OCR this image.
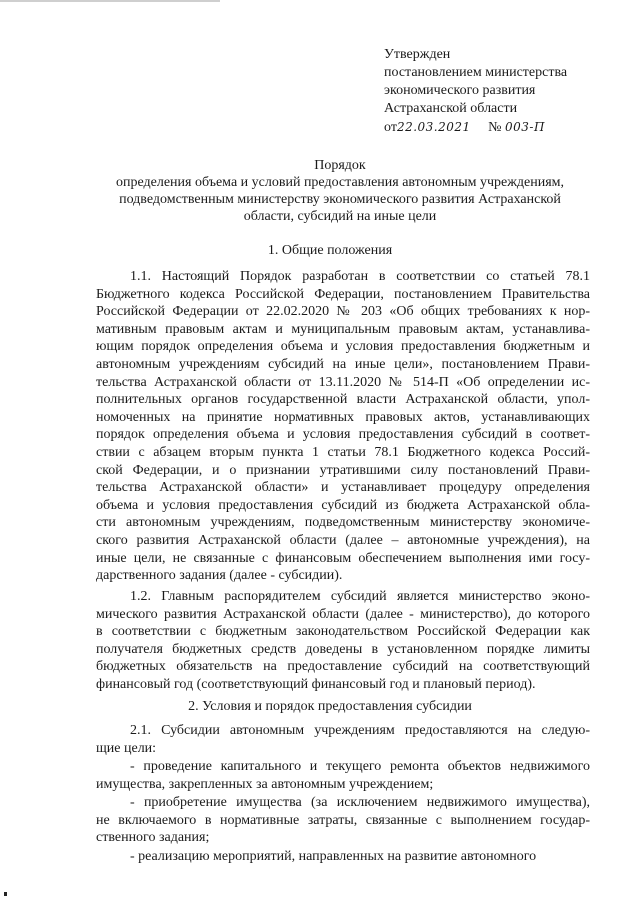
Утвержден
постановлением министерства
экономического развития
Астраханской области
от22.03.2021 № 003-П
Порядок
определения объема и условий предоставления автономным учреждениям,
подведомственным министерству экономического развития Астраханской
области, субсидий на иные цели
1. Общие положения
1.1. Настоящий Порядок разработан в соответствии со статьей 78.1
Бюджетного кодекса Российской Федерации, постановлением Правительства
Российской Федерации от 22.02.2020 № 203 «Об общих требованиях к нор-
мативным правовым актам и муниципальным правовым актам, устанавлива-
ющим порядок определения объема и условия предоставления бюджетным и
автономным учреждениям субсидий на иные цели», постановлением Прави-
тельства Астраханской области от 13.11.2020 № 514-П «Об определении ис-
полнительных органов государственной власти Астраханской области, упол-
номоченных на принятие нормативных правовых актов, устанавливающих
порядок определения объема и условия предоставления субсидий в соответ-
ствии с абзацем вторым пункта 1 статьи 78.1 Бюджетного кодекса Россий-
ской Федерации, и о признании утратившими силу постановлений Прави-
тельства Астраханской области» и устанавливает процедуру определения
объема и условия предоставления субсидий из бюджета Астраханской обла-
сти автономным учреждениям, подведомственным министерству экономиче-
ского развития Астраханской области (далее – автономные учреждения), на
иные цели, не связанные с финансовым обеспечением выполнения ими госу-
дарственного задания (далее - субсидии).
1.2. Главным распорядителем субсидий является министерство эконо-
мического развития Астраханской области (далее - министерство), до которого
в соответствии с бюджетным законодательством Российской Федерации как
получателя бюджетных средств доведены в установленном порядке лимиты
бюджетных обязательств на предоставление субсидий на соответствующий
финансовый год (соответствующий финансовый год и плановый период).
2. Условия и порядок предоставления субсидии
2.1. Субсидии автономным учреждениям предоставляются на следую-
щие цели:
- проведение капитального и текущего ремонта объектов недвижимого
имущества, закрепленных за автономным учреждением;
- приобретение имущества (за исключением недвижимого имущества),
не включаемого в нормативные затраты, связанные с выполнением государ-
ственного задания;
- реализацию мероприятий, направленных на развитие автономного
